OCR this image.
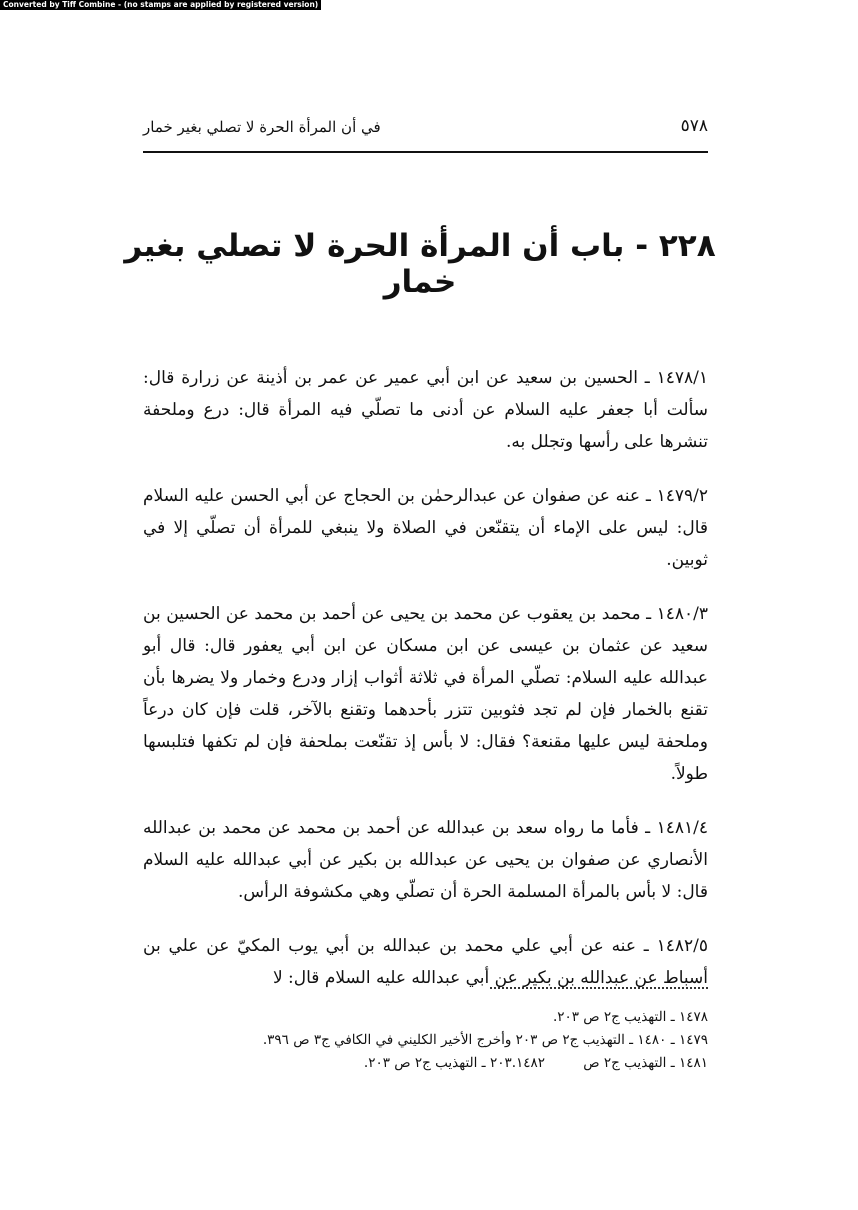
Converted by Tiff Combine - (no stamps are applied by registered version)
٥٧٨
في أن المرأة الحرة لا تصلي بغير خمار
٢٢٨ - باب أن المرأة الحرة لا تصلي بغير خمار

١٤٧٨/١ ـ الحسين بن سعيد عن ابن أبي عمير عن عمر بن أذينة عن زرارة قال: سألت أبا جعفر عليه السلام عن أدنى ما تصلّي فيه المرأة قال: درع وملحفة تنشرها على رأسها وتجلل به.

١٤٧٩/٢ ـ عنه عن صفوان عن عبدالرحمٰن بن الحجاج عن أبي الحسن عليه السلام قال: ليس على الإماء أن يتقنّعن في الصلاة ولا ينبغي للمرأة أن تصلّي إلا في ثوبين.

١٤٨٠/٣ ـ محمد بن يعقوب عن محمد بن يحيى عن أحمد بن محمد عن الحسين بن سعيد عن عثمان بن عيسى عن ابن مسكان عن ابن أبي يعفور قال: قال أبو عبدالله عليه السلام: تصلّي المرأة في ثلاثة أثواب إزار ودرع وخمار ولا يضرها بأن تقنع بالخمار فإن لم تجد فثوبين تتزر بأحدهما وتقنع بالآخر، قلت فإن كان درعاً وملحفة ليس عليها مقنعة؟ فقال: لا بأس إذ تقنّعت بملحفة فإن لم تكفها فتلبسها طولاً.

١٤٨١/٤ ـ فأما ما رواه سعد بن عبدالله عن أحمد بن محمد عن محمد بن عبدالله الأنصاري عن صفوان بن يحيى عن عبدالله بن بكير عن أبي عبدالله عليه السلام قال: لا بأس بالمرأة المسلمة الحرة أن تصلّي وهي مكشوفة الرأس.

١٤٨٢/٥ ـ عنه عن أبي علي محمد بن عبدالله بن أبي يوب المكيّ عن علي بن أسباط عن عبدالله بن بكير عن أبي عبدالله عليه السلام قال: لا

١٤٧٨ ـ التهذيب ج٢ ص ٢٠٣.
١٤٧٩ ـ ١٤٨٠ ـ التهذيب ج٢ ص ٢٠٣ وأخرج الأخير الكليني في الكافي ج٣ ص ٣٩٦.
١٤٨١ ـ التهذيب ج٢ ص ٢٠٣.١٤٨٢ ـ التهذيب ج٢ ص ٢٠٣.
